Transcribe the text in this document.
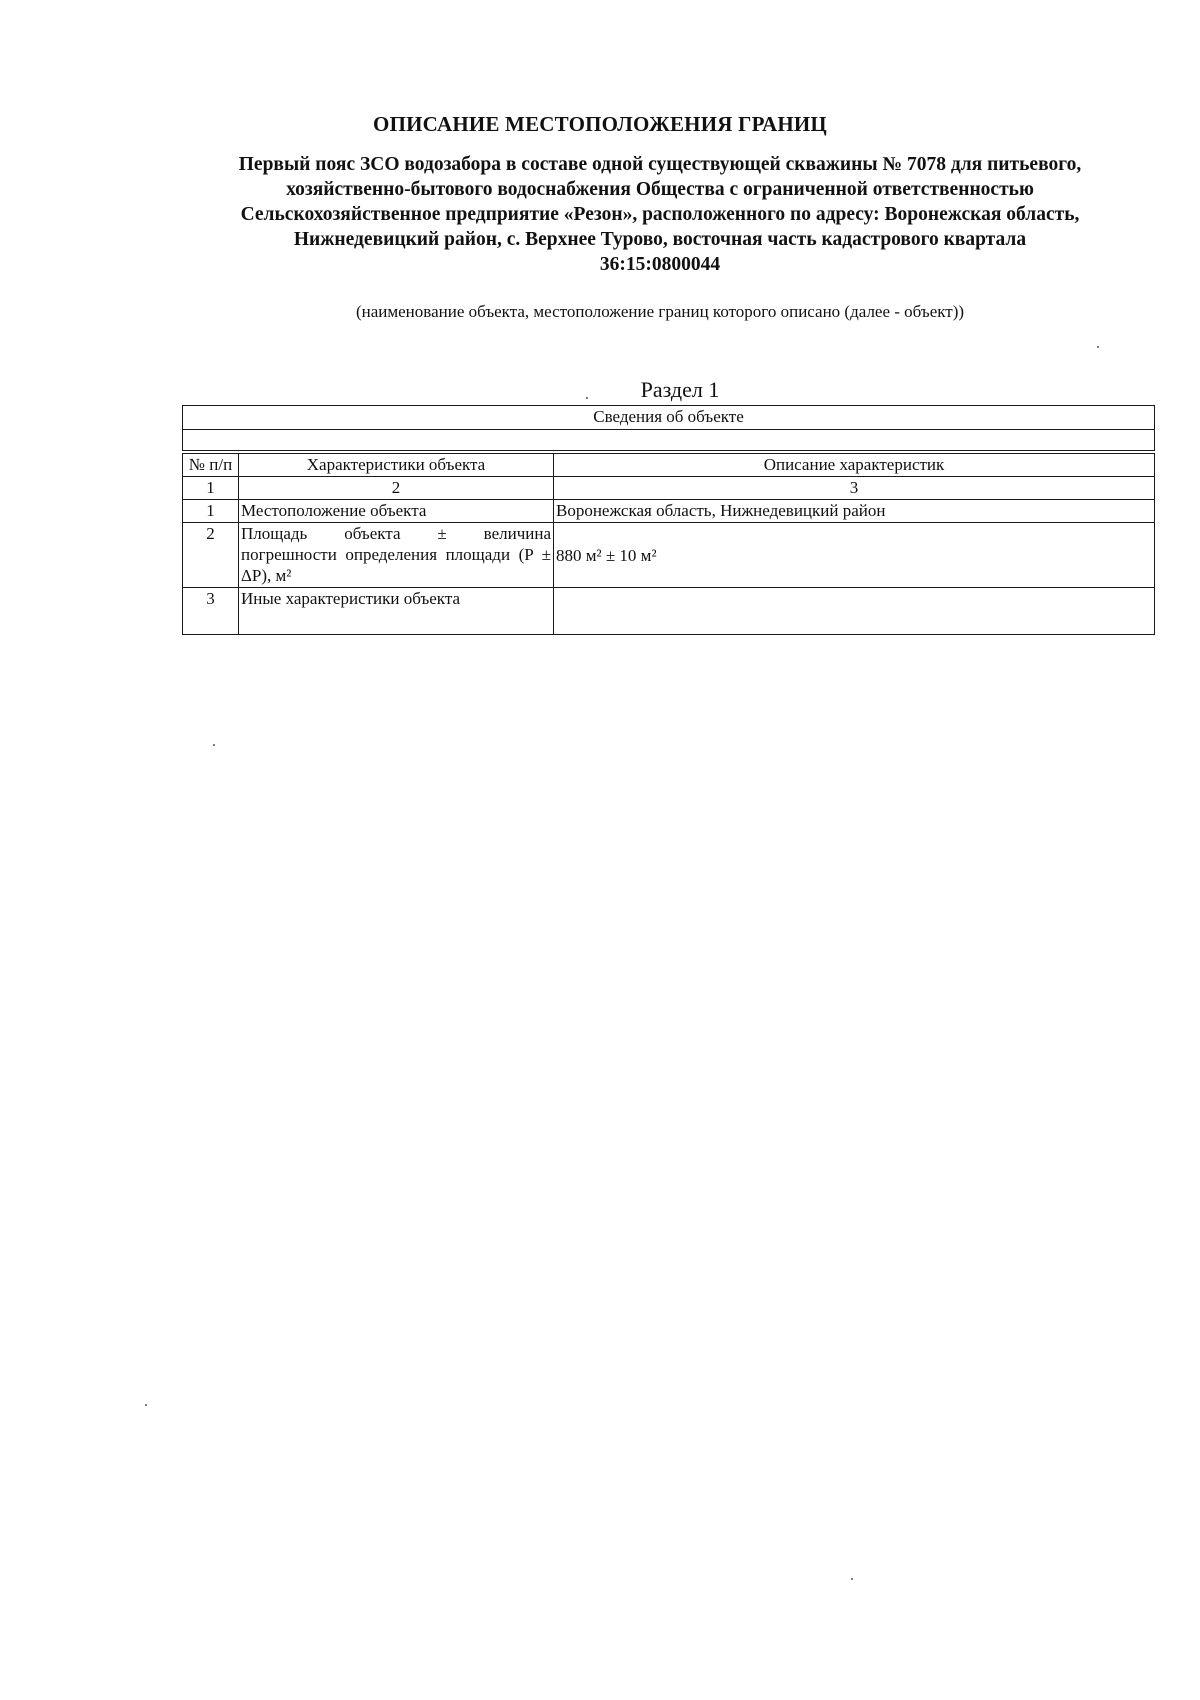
ОПИСАНИЕ МЕСТОПОЛОЖЕНИЯ ГРАНИЦ
Первый пояс ЗСО водозабора в составе одной существующей скважины № 7078 для питьевого,
хозяйственно-бытового водоснабжения Общества с ограниченной ответственностью
Сельскохозяйственное предприятие «Резон», расположенного по адресу: Воронежская область,
Нижнедевицкий район, с. Верхнее Турово, восточная часть кадастрового квартала
36:15:0800044
(наименование объекта, местоположение границ которого описано (далее - объект))
Раздел 1
Сведения об объекте		

№ п/п	Характеристики объекта	Описание характеристик
1	2	3
1	Местоположение объекта	Воронежская область, Нижнедевицкий район
2	Площадь объекта ± величина погрешности определения площади (P ± ΔP), м²	880 м² ± 10 м²
3	Иные характеристики объекта	
